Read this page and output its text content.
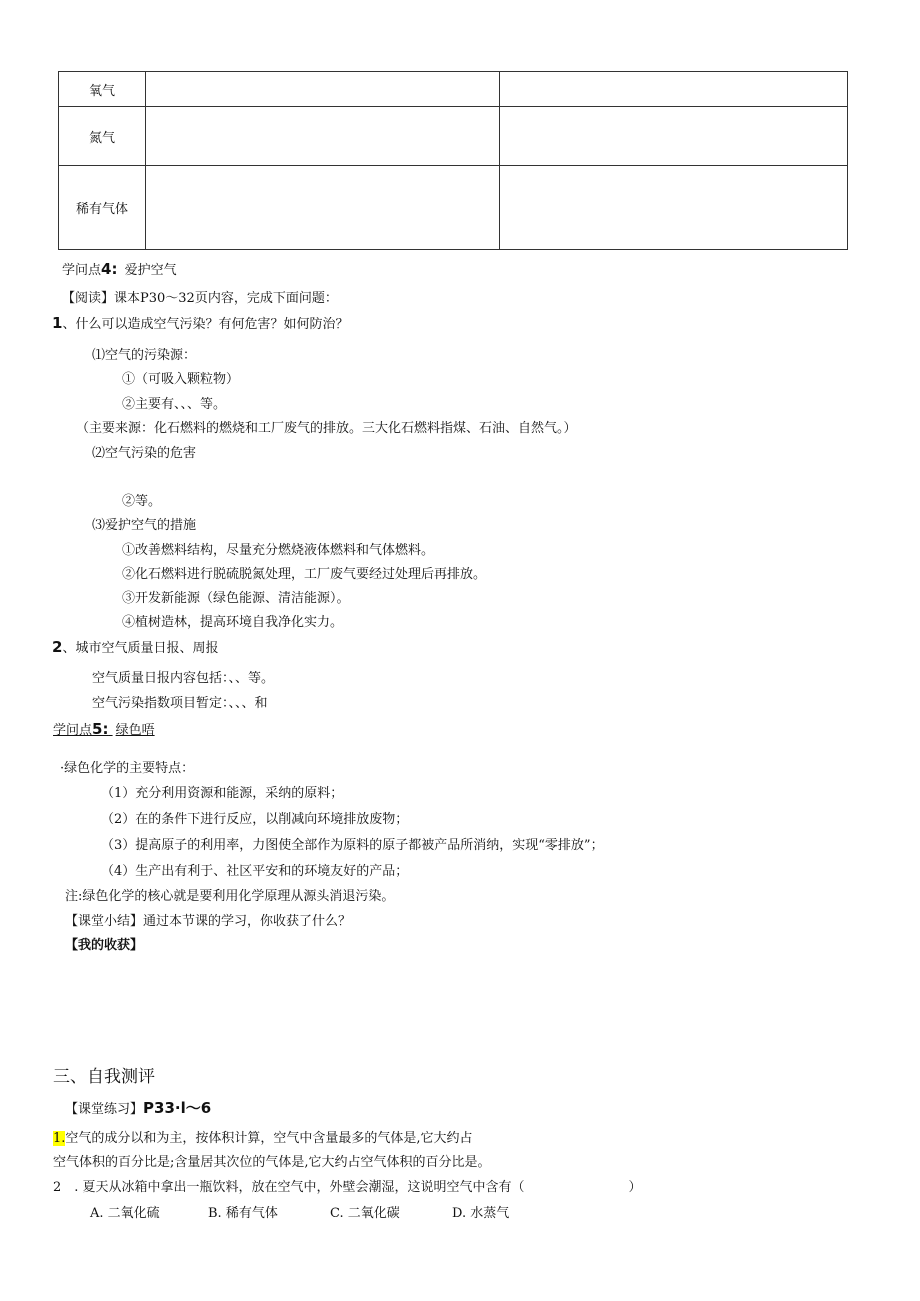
氧气		
氮气		
稀有气体		
学问点4: 爱护空气
【阅读】课本P30～32页内容，完成下面问题：
1、什么可以造成空气污染？有何危害？如何防治？
⑴空气的污染源：
①（可吸入颗粒物）
②主要有、、、等。
（主要来源：化石燃料的燃烧和工厂废气的排放。三大化石燃料指煤、石油、自然气。）
⑵空气污染的危害
②等。
⑶爱护空气的措施
①改善燃料结构，尽量充分燃烧液体燃料和气体燃料。
②化石燃料进行脱硫脱氮处理，工厂废气要经过处理后再排放。
③开发新能源（绿色能源、清洁能源）。
④植树造林，提高环境自我净化实力。
2、城市空气质量日报、周报
空气质量日报内容包括：、、等。
空气污染指数项目暂定：、、、和
学问点5: 绿色唔
·绿色化学的主要特点：
（1）充分利用资源和能源，采纳的原料；
（2）在的条件下进行反应，以削减向环境排放废物；
（3）提高原子的利用率，力图使全部作为原料的原子都被产品所消纳，实现“零排放”；
（4）生产出有利于、社区平安和的环境友好的产品；
注:绿色化学的核心就是要利用化学原理从源头消退污染。
【课堂小结】通过本节课的学习，你收获了什么？
【我的收获】
三、自我测评
【课堂练习】P33·l～6
1.空气的成分以和为主，按体积计算，空气中含量最多的气体是,它大约占
空气体积的百分比是;含量居其次位的气体是,它大约占空气体积的百分比是。
2　. 夏天从冰箱中拿出一瓶饮料，放在空气中，外壁会潮湿，这说明空气中含有（　　　　　　　　）
A. 二氧化硫	B. 稀有气体	C. 二氧化碳	D. 水蒸气
